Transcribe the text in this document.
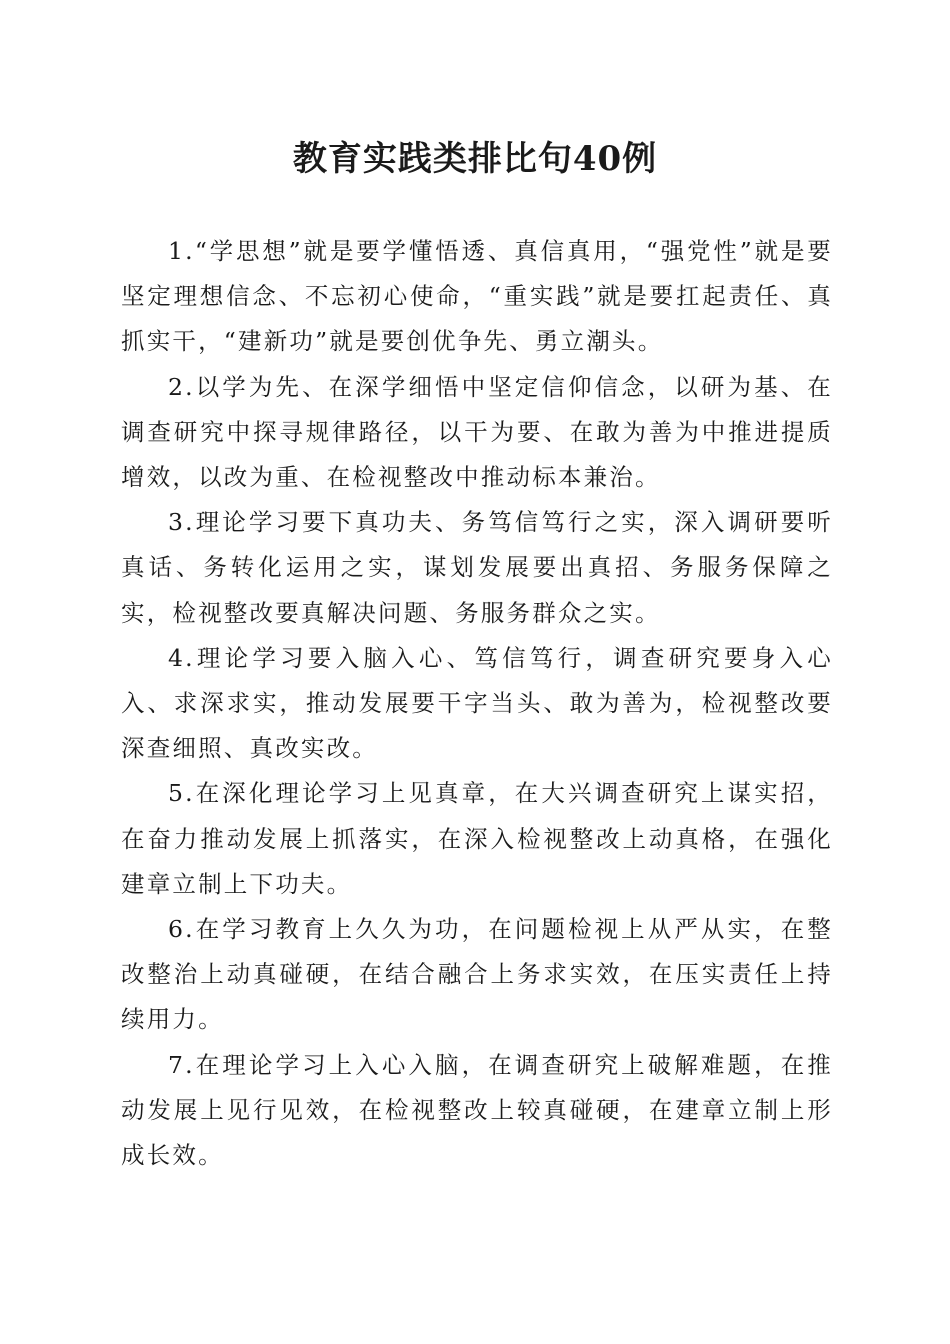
教育实践类排比句40例

1.“学思想”就是要学懂悟透、真信真用，“强党性”就是要坚定理想信念、不忘初心使命，“重实践”就是要扛起责任、真抓实干，“建新功”就是要创优争先、勇立潮头。

2.以学为先、在深学细悟中坚定信仰信念，以研为基、在调查研究中探寻规律路径，以干为要、在敢为善为中推进提质增效，以改为重、在检视整改中推动标本兼治。

3.理论学习要下真功夫、务笃信笃行之实，深入调研要听真话、务转化运用之实，谋划发展要出真招、务服务保障之实，检视整改要真解决问题、务服务群众之实。

4.理论学习要入脑入心、笃信笃行，调查研究要身入心入、求深求实，推动发展要干字当头、敢为善为，检视整改要深查细照、真改实改。

5.在深化理论学习上见真章，在大兴调查研究上谋实招，在奋力推动发展上抓落实，在深入检视整改上动真格，在强化建章立制上下功夫。

6.在学习教育上久久为功，在问题检视上从严从实，在整改整治上动真碰硬，在结合融合上务求实效，在压实责任上持续用力。

7.在理论学习上入心入脑，在调查研究上破解难题，在推动发展上见行见效，在检视整改上较真碰硬，在建章立制上形成长效。
